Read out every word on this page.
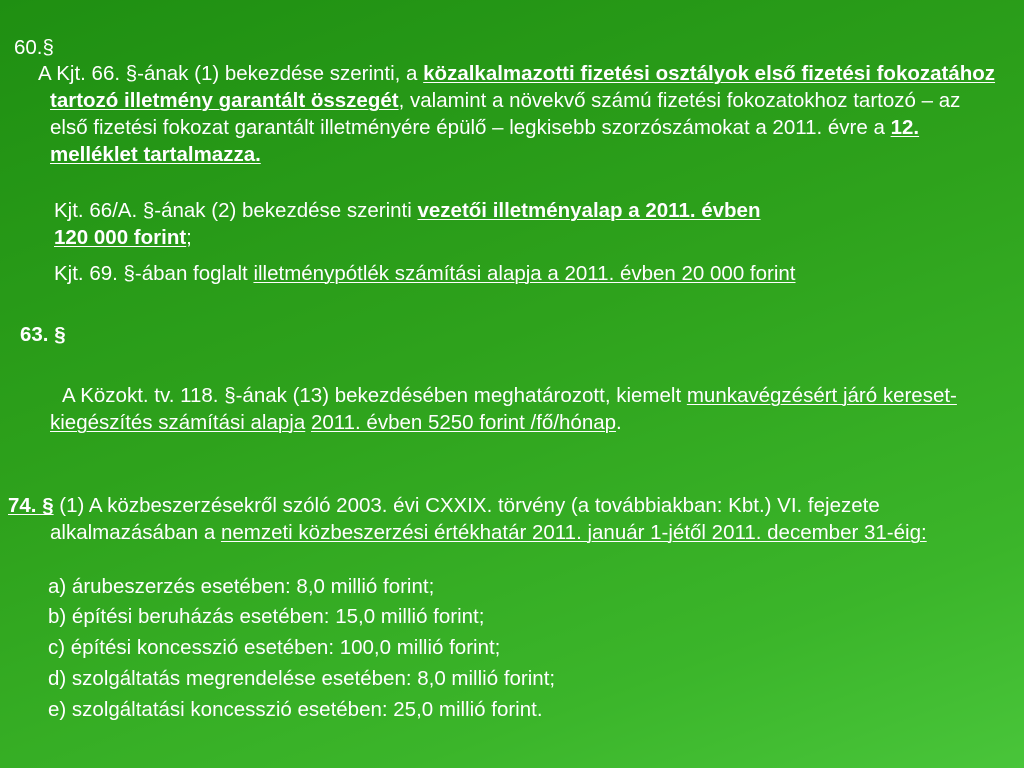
60.§

A Kjt. 66. §-ának (1) bekezdése szerinti, a közalkalmazotti fizetési osztályok első fizetési fokozatához tartozó illetmény garantált összegét, valamint a növekvő számú fizetési fokozatokhoz tartozó – az első fizetési fokozat garantált illetményére épülő – legkisebb szorzószámokat a 2011. évre a 12. melléklet tartalmazza.

Kjt. 66/A. §-ának (2) bekezdése szerinti vezetői illetményalap a 2011. évben
120 000 forint;

Kjt. 69. §-ában foglalt illetménypótlék számítási alapja a 2011. évben 20 000 forint

63. §

A Közokt. tv. 118. §-ának (13) bekezdésében meghatározott, kiemelt munkavégzésért járó kereset-kiegészítés számítási alapja 2011. évben 5250 forint /fő/hónap.

74. § (1) A közbeszerzésekről szóló 2003. évi CXXIX. törvény (a továbbiakban: Kbt.) VI. fejezete alkalmazásában a nemzeti közbeszerzési értékhatár 2011. január 1-jétől 2011. december 31-éig:

a) árubeszerzés esetében: 8,0 millió forint;
b) építési beruházás esetében: 15,0 millió forint;
c) építési koncesszió esetében: 100,0 millió forint;
d) szolgáltatás megrendelése esetében: 8,0 millió forint;
e) szolgáltatási koncesszió esetében: 25,0 millió forint.
